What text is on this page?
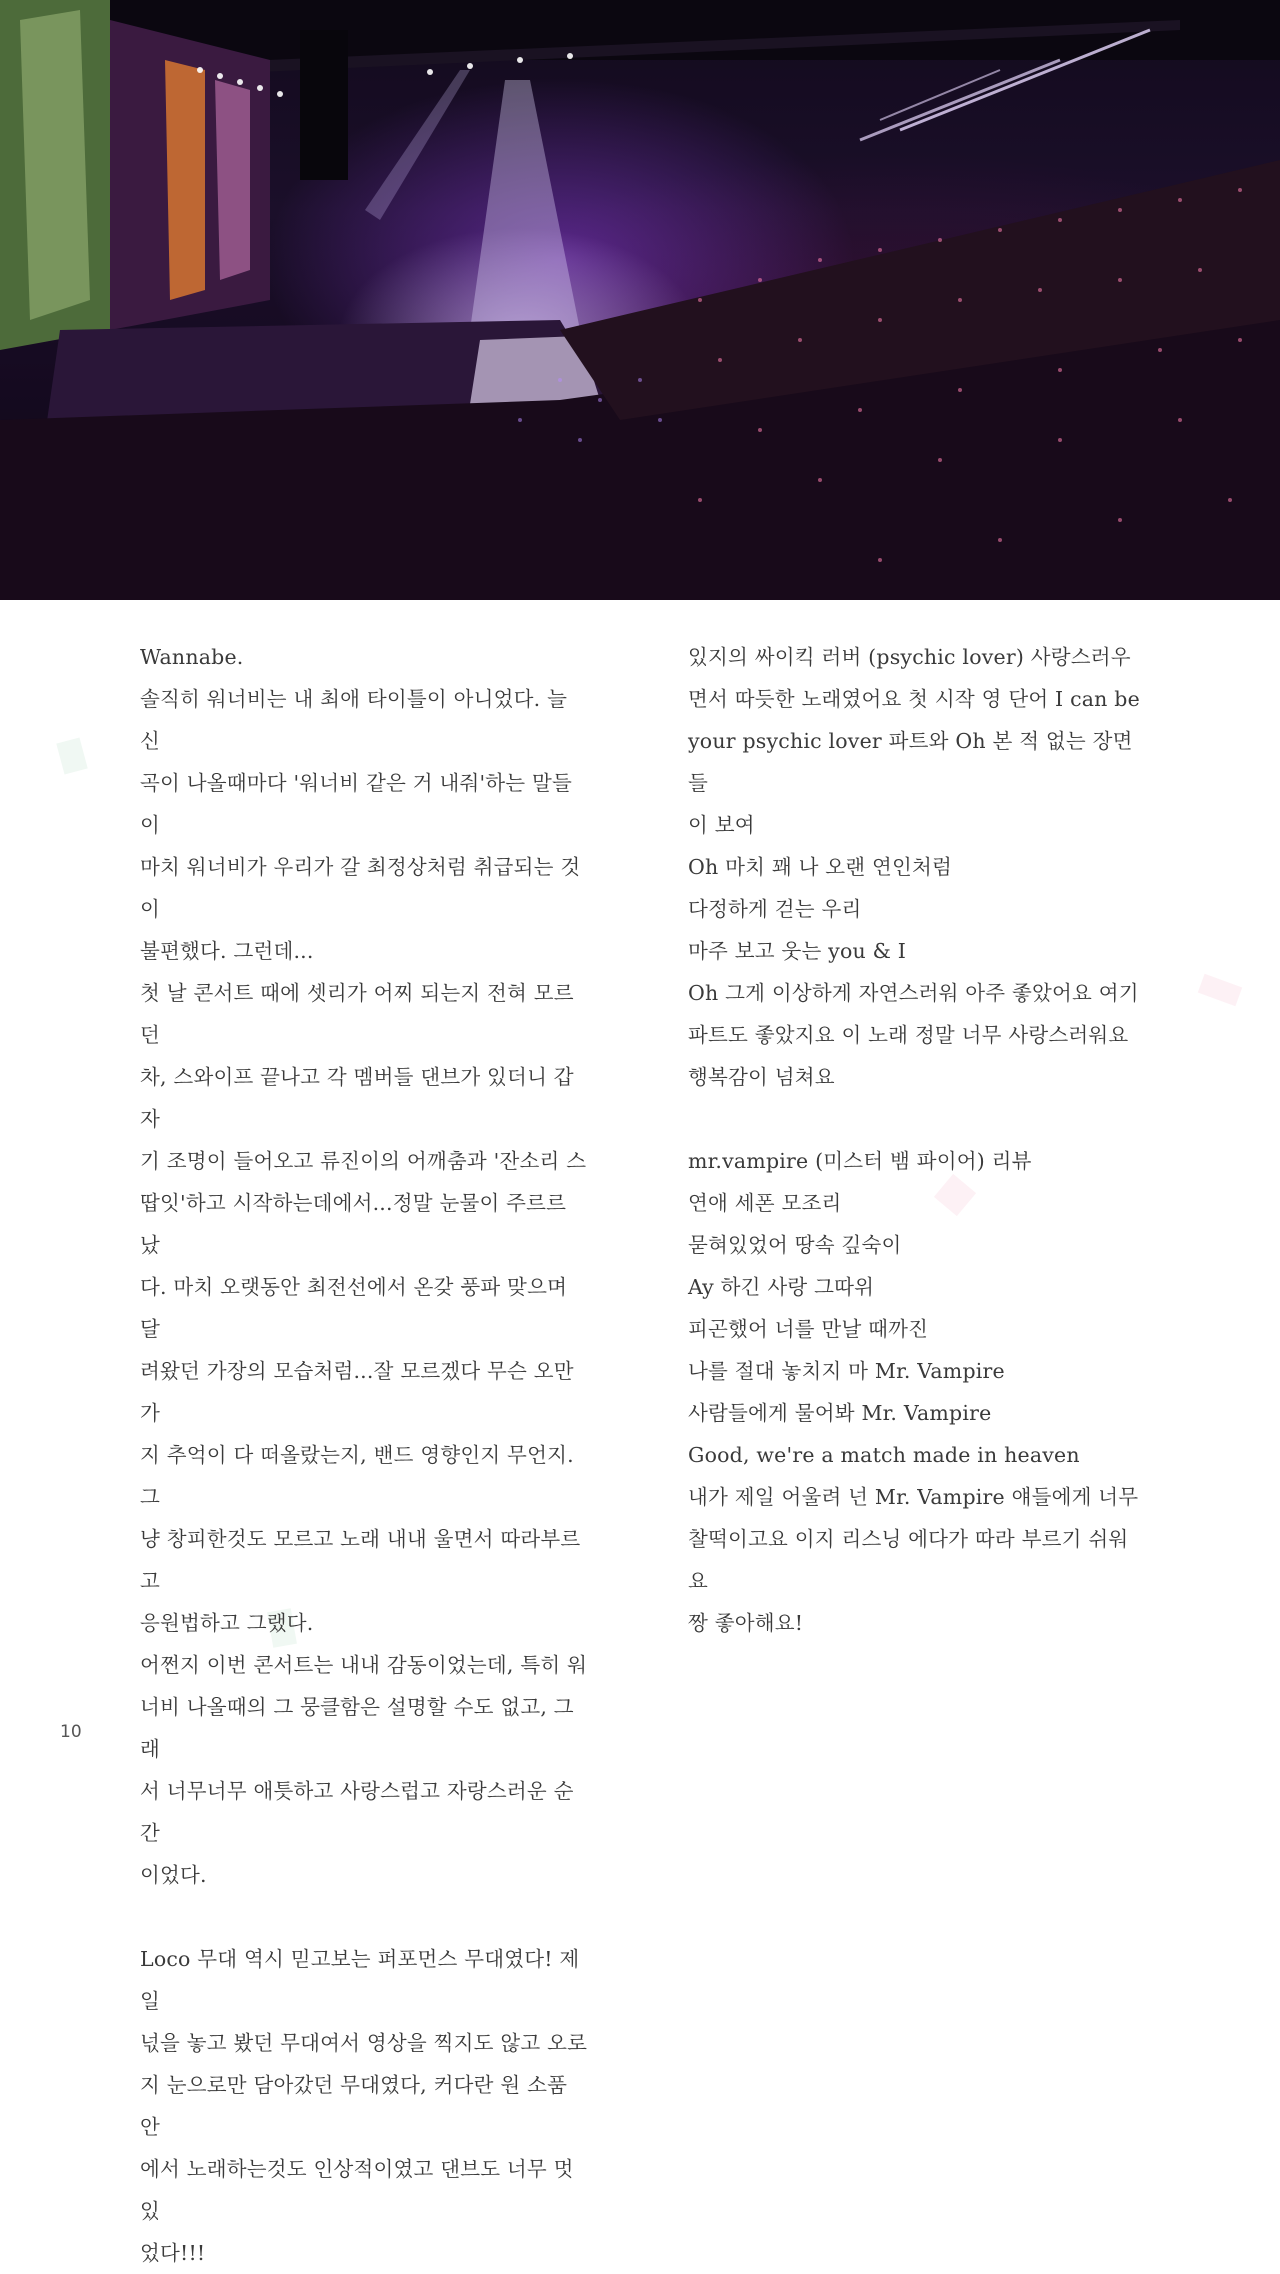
Wannabe.

솔직히 워너비는 내 최애 타이틀이 아니었다. 늘 신

곡이 나올때마다 '워너비 같은 거 내줘'하는 말들이

마치 워너비가 우리가 갈 최정상처럼 취급되는 것이

불편했다. 그런데...

첫 날 콘서트 때에 셋리가 어찌 되는지 전혀 모르던

차, 스와이프 끝나고 각 멤버들 댄브가 있더니 갑자

기 조명이 들어오고 류진이의 어깨춤과 '잔소리 스

땁잇'하고 시작하는데에서...정말 눈물이 주르르 났

다. 마치 오랫동안 최전선에서 온갖 풍파 맞으며 달

려왔던 가장의 모습처럼...잘 모르겠다 무슨 오만가

지 추억이 다 떠올랐는지, 밴드 영향인지 무언지. 그

냥 창피한것도 모르고 노래 내내 울면서 따라부르고

응원법하고 그랬다.

어쩐지 이번 콘서트는 내내 감동이었는데, 특히 워

너비 나올때의 그 뭉클함은 설명할 수도 없고, 그래

서 너무너무 애틋하고 사랑스럽고 자랑스러운 순간

이었다.

Loco 무대 역시 믿고보는 퍼포먼스 무대였다! 제일

넋을 놓고 봤던 무대여서 영상을 찍지도 않고 오로

지 눈으로만 담아갔던 무대였다, 커다란 원 소품 안

에서 노래하는것도 인상적이였고 댄브도 너무 멋있

었다!!!

있지의 싸이킥 러버 (psychic lover) 사랑스러우

면서 따듯한 노래였어요 첫 시작 영 단어 I can be

your psychic lover 파트와 Oh 본 적 없는 장면들

이 보여

Oh 마치 꽤 나 오랜 연인처럼

다정하게 걷는 우리

마주 보고 웃는 you & I

Oh 그게 이상하게 자연스러워 아주 좋았어요 여기

파트도 좋았지요 이 노래 정말 너무 사랑스러워요

행복감이 넘쳐요

mr.vampire (미스터 뱀 파이어) 리뷰

연애 세폰 모조리

묻혀있었어 땅속 깊숙이

Ay 하긴 사랑 그따위

피곤했어 너를 만날 때까진

나를 절대 놓치지 마 Mr. Vampire

사람들에게 물어봐 Mr. Vampire

Good, we're a match made in heaven

내가 제일 어울려 넌 Mr. Vampire 얘들에게 너무

찰떡이고요 이지 리스닝 에다가 따라 부르기 쉬워요

짱 좋아해요!

10
